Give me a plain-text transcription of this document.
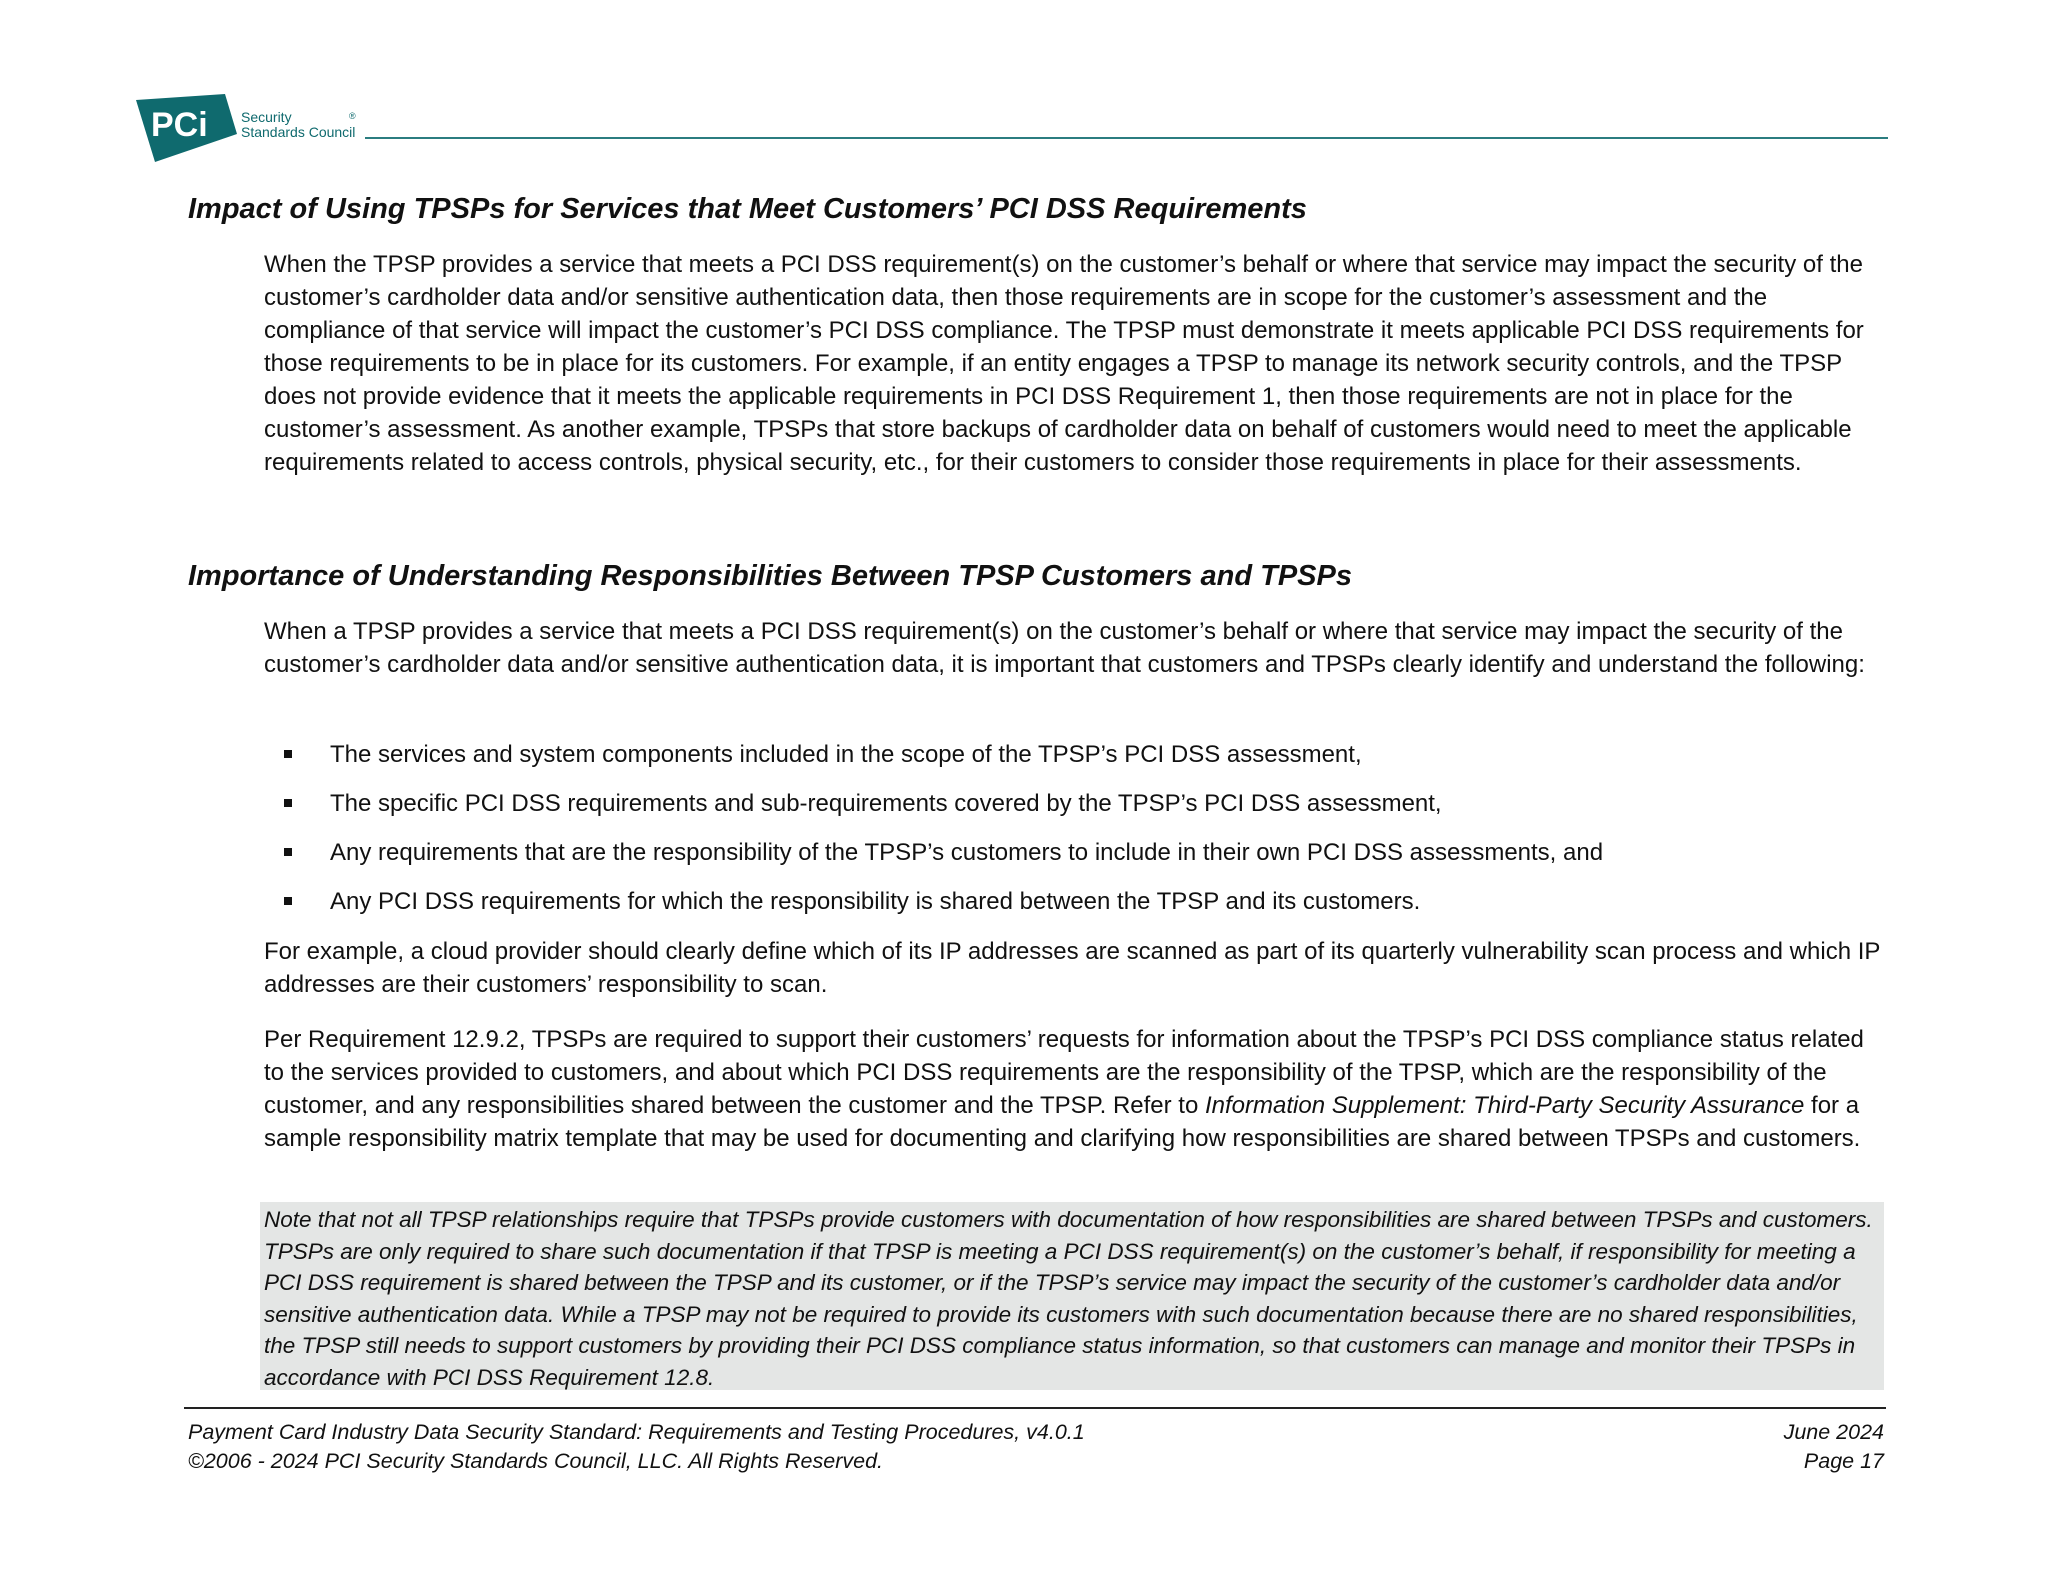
PCi Security
Standards Council
®
Impact of Using TPSPs for Services that Meet Customers’ PCI DSS Requirements

When the TPSP provides a service that meets a PCI DSS requirement(s) on the customer’s behalf or where that service may impact the security of the customer’s cardholder data and/or sensitive authentication data, then those requirements are in scope for the customer’s assessment and the compliance of that service will impact the customer’s PCI DSS compliance. The TPSP must demonstrate it meets applicable PCI DSS requirements for those requirements to be in place for its customers. For example, if an entity engages a TPSP to manage its network security controls, and the TPSP does not provide evidence that it meets the applicable requirements in PCI DSS Requirement 1, then those requirements are not in place for the customer’s assessment. As another example, TPSPs that store backups of cardholder data on behalf of customers would need to meet the applicable requirements related to access controls, physical security, etc., for their customers to consider those requirements in place for their assessments.

Importance of Understanding Responsibilities Between TPSP Customers and TPSPs

When a TPSP provides a service that meets a PCI DSS requirement(s) on the customer’s behalf or where that service may impact the security of the customer’s cardholder data and/or sensitive authentication data, it is important that customers and TPSPs clearly identify and understand the following:

The services and system components included in the scope of the TPSP’s PCI DSS assessment,
The specific PCI DSS requirements and sub-requirements covered by the TPSP’s PCI DSS assessment,
Any requirements that are the responsibility of the TPSP’s customers to include in their own PCI DSS assessments, and
Any PCI DSS requirements for which the responsibility is shared between the TPSP and its customers.

For example, a cloud provider should clearly define which of its IP addresses are scanned as part of its quarterly vulnerability scan process and which IP addresses are their customers’ responsibility to scan.

Per Requirement 12.9.2, TPSPs are required to support their customers’ requests for information about the TPSP’s PCI DSS compliance status related to the services provided to customers, and about which PCI DSS requirements are the responsibility of the TPSP, which are the responsibility of the customer, and any responsibilities shared between the customer and the TPSP. Refer to Information Supplement: Third-Party Security Assurance for a sample responsibility matrix template that may be used for documenting and clarifying how responsibilities are shared between TPSPs and customers.

Note that not all TPSP relationships require that TPSPs provide customers with documentation of how responsibilities are shared between TPSPs and customers. TPSPs are only required to share such documentation if that TPSP is meeting a PCI DSS requirement(s) on the customer’s behalf, if responsibility for meeting a PCI DSS requirement is shared between the TPSP and its customer, or if the TPSP’s service may impact the security of the customer’s cardholder data and/or sensitive authentication data. While a TPSP may not be required to provide its customers with such documentation because there are no shared responsibilities, the TPSP still needs to support customers by providing their PCI DSS compliance status information, so that customers can manage and monitor their TPSPs in accordance with PCI DSS Requirement 12.8.

Payment Card Industry Data Security Standard: Requirements and Testing Procedures, v4.0.1
©2006 - 2024 PCI Security Standards Council, LLC. All Rights Reserved.
June 2024
Page 17
